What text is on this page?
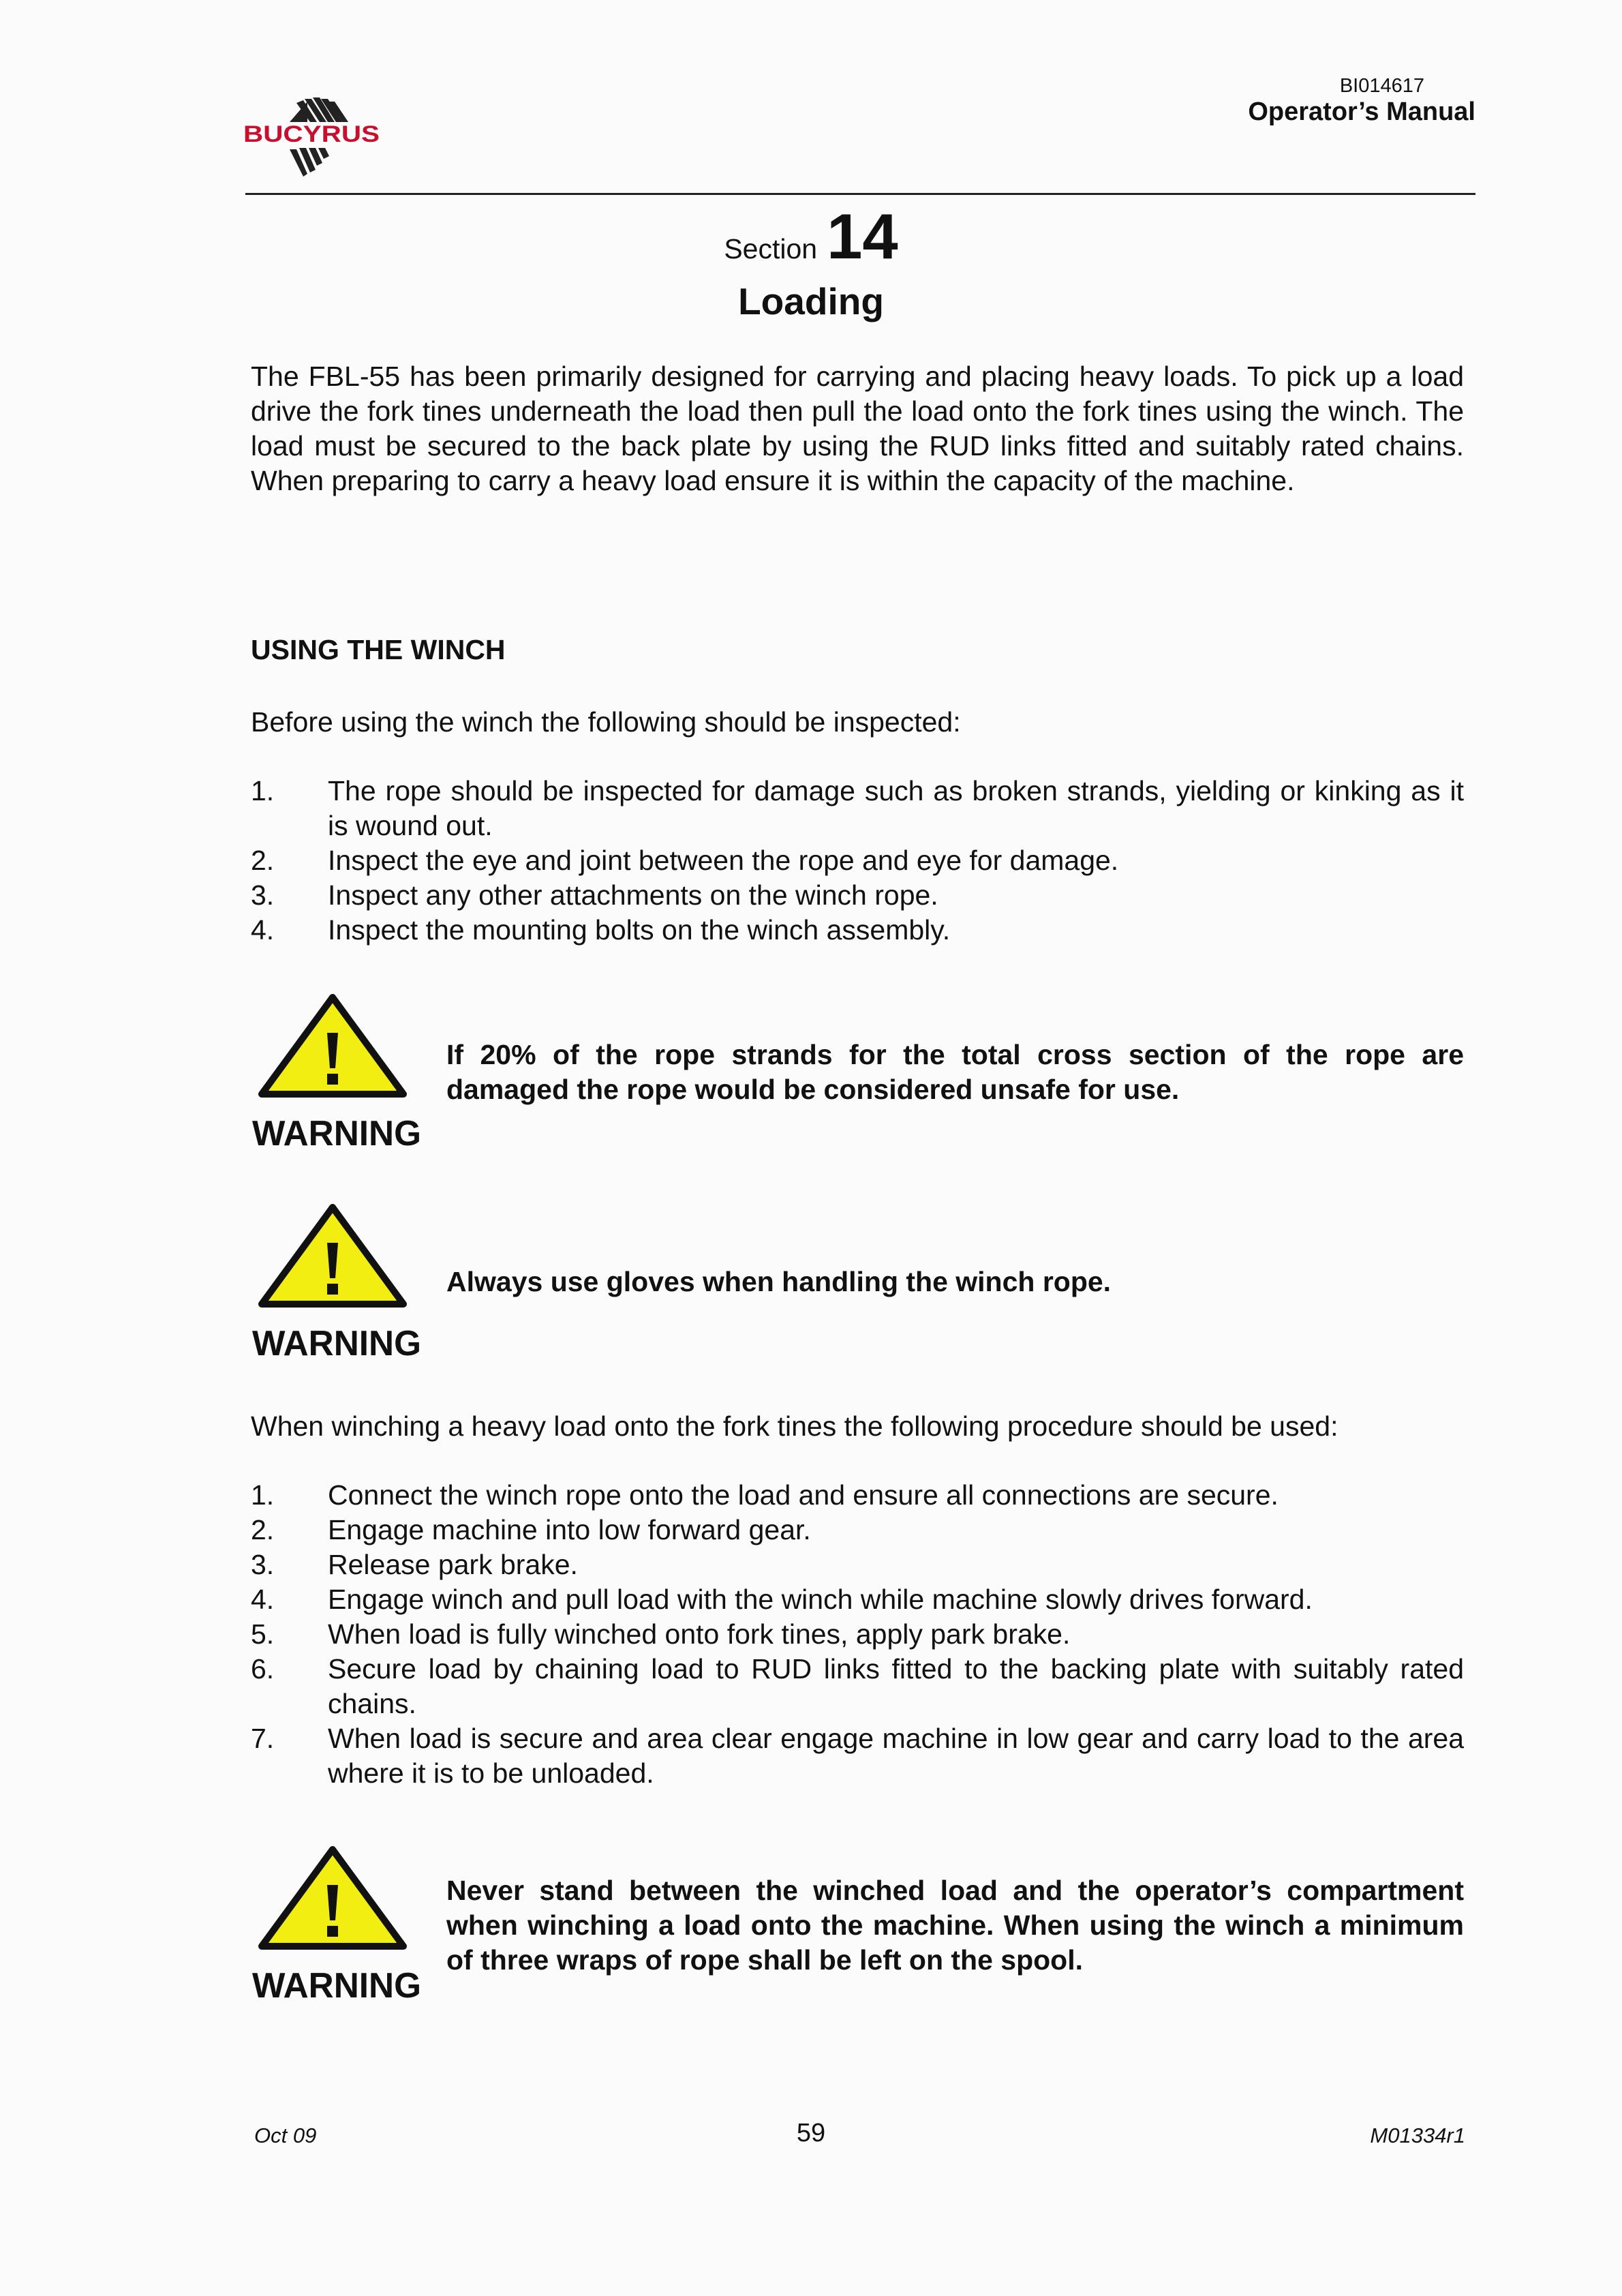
BUCYRUS
BI014617
Operator’s Manual
Section 14
Loading
The FBL-55 has been primarily designed for carrying and placing heavy loads. To pick up a load drive the fork tines underneath the load then pull the load onto the fork tines using the winch. The load must be secured to the back plate by using the RUD links fitted and suitably rated chains. When preparing to carry a heavy load ensure it is within the capacity of the machine.
USING THE WINCH
Before using the winch the following should be inspected:
1.	The rope should be inspected for damage such as broken strands, yielding or kinking as it is wound out.
2.	Inspect the eye and joint between the rope and eye for damage.
3.	Inspect any other attachments on the winch rope.
4.	Inspect the mounting bolts on the winch assembly.
WARNING
If 20% of the rope strands for the total cross section of the rope are damaged the rope would be considered unsafe for use.
WARNING
Always use gloves when handling the winch rope.
When winching a heavy load onto the fork tines the following procedure should be used:
1.	Connect the winch rope onto the load and ensure all connections are secure.
2.	Engage machine into low forward gear.
3.	Release park brake.
4.	Engage winch and pull load with the winch while machine slowly drives forward.
5.	When load is fully winched onto fork tines, apply park brake.
6.	Secure load by chaining load to RUD links fitted to the backing plate with suitably rated chains.
7.	When load is secure and area clear engage machine in low gear and carry load to the area where it is to be unloaded.
WARNING
Never stand between the winched load and the operator’s compartment when winching a load onto the machine. When using the winch a minimum of three wraps of rope shall be left on the spool.
Oct 09	59	M01334r1
